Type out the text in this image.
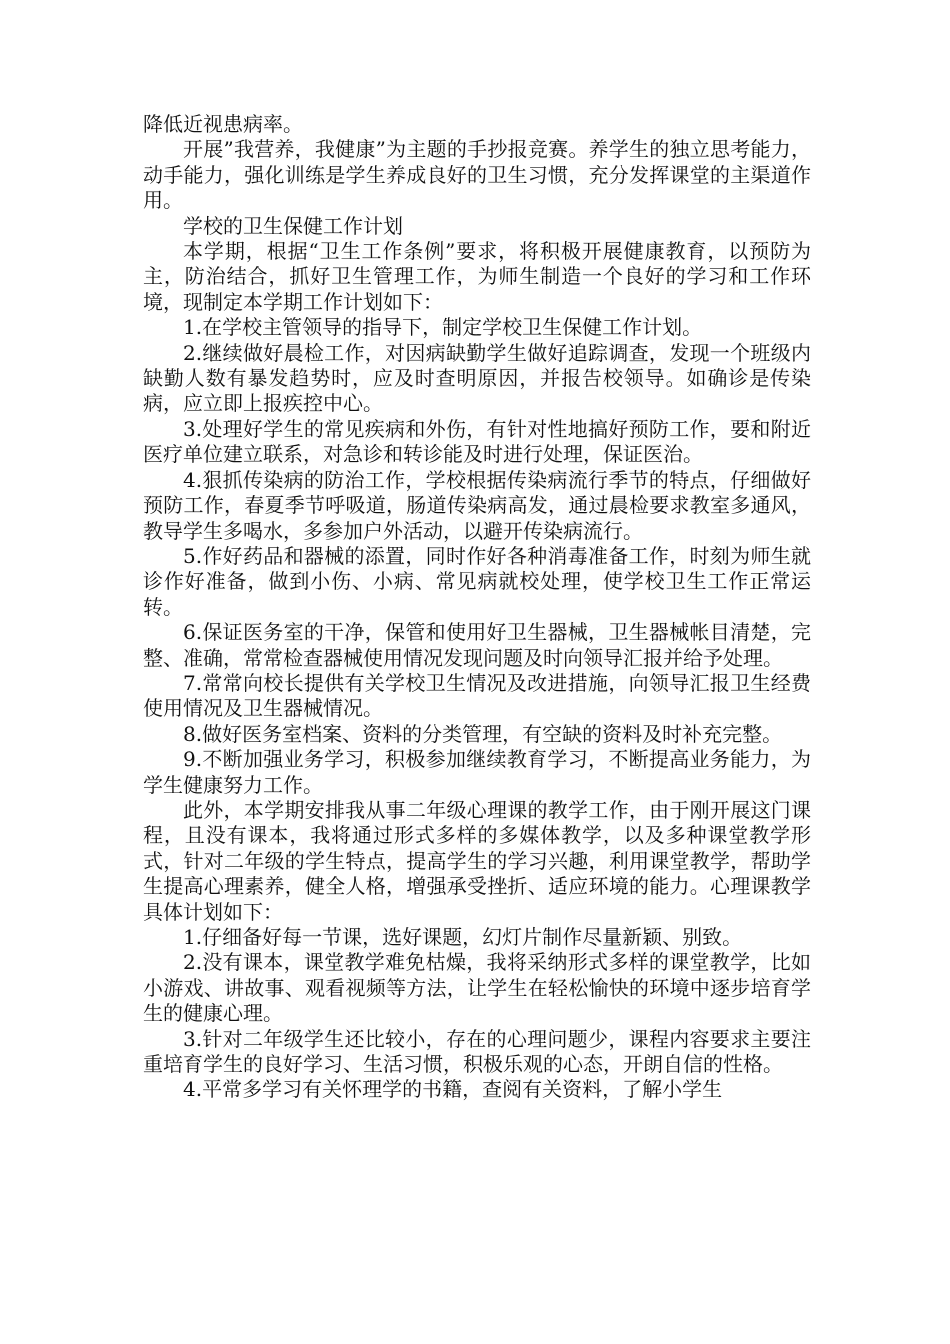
降低近视患病率。

开展”我营养，我健康”为主题的手抄报竞赛。养学生的独立思考能力，动手能力，强化训练是学生养成良好的卫生习惯，充分发挥课堂的主渠道作用。

学校的卫生保健工作计划

本学期，根据“卫生工作条例”要求，将积极开展健康教育，以预防为主，防治结合，抓好卫生管理工作，为师生制造一个良好的学习和工作环境，现制定本学期工作计划如下：

1.在学校主管领导的指导下，制定学校卫生保健工作计划。

2.继续做好晨检工作，对因病缺勤学生做好追踪调查，发现一个班级内缺勤人数有暴发趋势时，应及时查明原因，并报告校领导。如确诊是传染病，应立即上报疾控中心。

3.处理好学生的常见疾病和外伤，有针对性地搞好预防工作，要和附近医疗单位建立联系，对急诊和转诊能及时进行处理，保证医治。

4.狠抓传染病的防治工作，学校根据传染病流行季节的特点，仔细做好预防工作，春夏季节呼吸道，肠道传染病高发，通过晨检要求教室多通风，教导学生多喝水，多参加户外活动，以避开传染病流行。

5.作好药品和器械的添置，同时作好各种消毒准备工作，时刻为师生就诊作好准备，做到小伤、小病、常见病就校处理，使学校卫生工作正常运转。

6.保证医务室的干净，保管和使用好卫生器械，卫生器械帐目清楚，完整、准确，常常检查器械使用情况发现问题及时向领导汇报并给予处理。

7.常常向校长提供有关学校卫生情况及改进措施，向领导汇报卫生经费使用情况及卫生器械情况。

8.做好医务室档案、资料的分类管理，有空缺的资料及时补充完整。

9.不断加强业务学习，积极参加继续教育学习，不断提高业务能力，为学生健康努力工作。

此外，本学期安排我从事二年级心理课的教学工作，由于刚开展这门课程，且没有课本，我将通过形式多样的多媒体教学，以及多种课堂教学形式，针对二年级的学生特点，提高学生的学习兴趣，利用课堂教学，帮助学生提高心理素养，健全人格，增强承受挫折、适应环境的能力。心理课教学具体计划如下：

1.仔细备好每一节课，选好课题，幻灯片制作尽量新颖、别致。

2.没有课本，课堂教学难免枯燥，我将采纳形式多样的课堂教学，比如小游戏、讲故事、观看视频等方法，让学生在轻松愉快的环境中逐步培育学生的健康心理。

3.针对二年级学生还比较小，存在的心理问题少，课程内容要求主要注重培育学生的良好学习、生活习惯，积极乐观的心态，开朗自信的性格。

4.平常多学习有关怀理学的书籍，查阅有关资料，了解小学生
